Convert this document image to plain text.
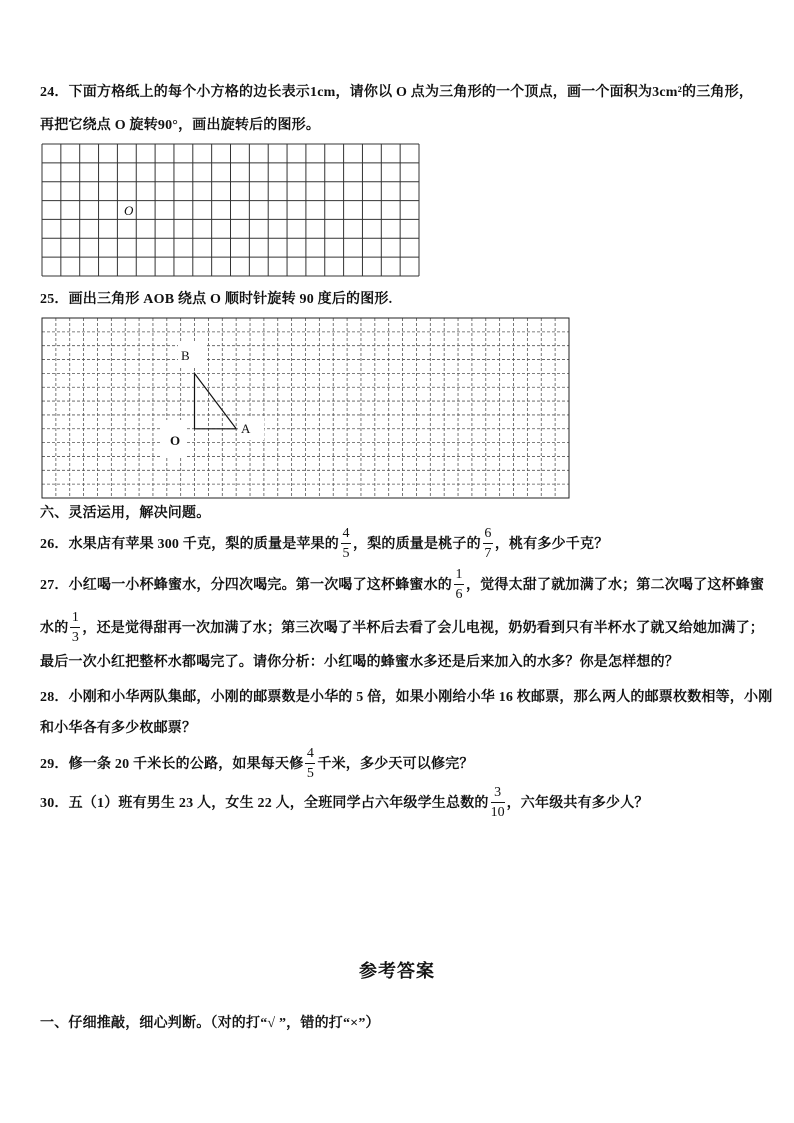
24．下面方格纸上的每个小方格的边长表示1cm，请你以 O 点为三角形的一个顶点，画一个面积为3cm²的三角形，
再把它绕点 O 旋转90°，画出旋转后的图形。
O
25．画出三角形 AOB 绕点 O 顺时针旋转 90 度后的图形.
B
A
O
六、灵活运用，解决问题。
26．水果店有苹果 300 千克，梨的质量是苹果的 $\frac{4}{5}$ ，梨的质量是桃子的 $\frac{6}{7}$ ，桃有多少千克？
27．小红喝一小杯蜂蜜水，分四次喝完。第一次喝了这杯蜂蜜水的 $\frac{1}{6}$ ，觉得太甜了就加满了水；第二次喝了这杯蜂蜜
水的 $\frac{1}{3}$ ，还是觉得甜再一次加满了水；第三次喝了半杯后去看了会儿电视，奶奶看到只有半杯水了就又给她加满了；
最后一次小红把整杯水都喝完了。请你分析：小红喝的蜂蜜水多还是后来加入的水多？你是怎样想的？
28．小刚和小华两队集邮，小刚的邮票数是小华的 5 倍，如果小刚给小华 16 枚邮票，那么两人的邮票枚数相等，小刚
和小华各有多少枚邮票？
29．修一条 20 千米长的公路，如果每天修 $\frac{4}{5}$ 千米，多少天可以修完？
30．五（1）班有男生 23 人，女生 22 人，全班同学占六年级学生总数的 $\frac{3}{10}$ ，六年级共有多少人？
参考答案
一、仔细推敲，细心判断。（对的打“√ ”，错的打“×”）
